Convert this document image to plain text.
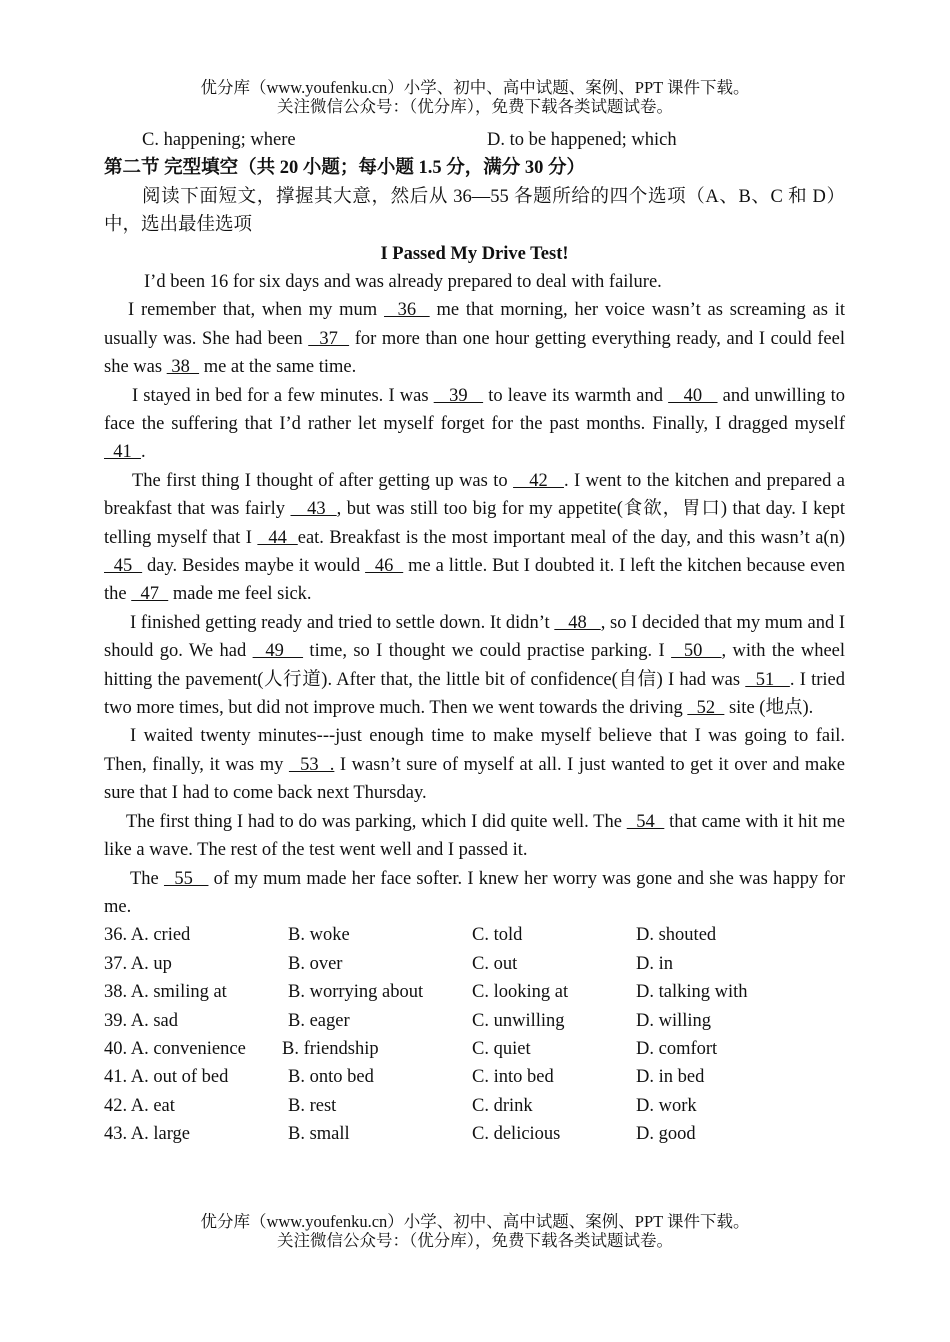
优分库（www.youfenku.cn）小学、初中、高中试题、案例、PPT 课件下载。
关注微信公众号：（优分库），免费下载各类试题试卷。
C. happening; where	D. to be happened; which
第二节 完型填空（共 20 小题；每小题 1.5 分，满分 30 分）
阅读下面短文，撑握其大意，然后从 36—55 各题所给的四个选项（A、B、C 和 D）中，选出最佳选项
I Passed My Drive Test!

I’d been 16 for six days and was already prepared to deal with failure.

I remember that, when my mum   36   me that morning, her voice wasn’t as screaming as it usually was. She had been   37   for more than one hour getting everything ready, and I could feel she was  38   me at the same time.

I stayed in bed for a few minutes. I was    39    to leave its warmth and    40    and unwilling to face the suffering that I’d rather let myself forget for the past months. Finally, I dragged myself   41  .

The first thing I thought of after getting up was to    42   . I went to the kitchen and prepared a breakfast that was fairly    43  , but was still too big for my appetite(食欲，胃口) that day. I kept telling myself that I   44  eat. Breakfast is the most important meal of the day, and this wasn’t a(n)   45   day. Besides maybe it would   46   me a little. But I doubted it. I left the kitchen because even the   47   made me feel sick.

I finished getting ready and tried to settle down. It didn’t    48   , so I decided that my mum and I should go. We had   49    time, so I thought we could practise parking. I   50   , with the wheel hitting the pavement(人行道). After that, the little bit of confidence(自信) I had was   51   . I tried two more times, but did not improve much. Then we went towards the driving   52   site (地点).

I waited twenty minutes---just enough time to make myself believe that I was going to fail. Then, finally, it was my   53  . I wasn’t sure of myself at all. I just wanted to get it over and make sure that I had to come back next Thursday.

The first thing I had to do was parking, which I did quite well. The   54   that came with it hit me like a wave. The rest of the test went well and I passed it.

The   55    of my mum made her face softer. I knew her worry was gone and she was happy for me.

36. A. cried	B. woke	C. told	D. shouted
37. A. up	B. over	C. out	D. in
38. A. smiling at	B. worrying about	C. looking at	D. talking with
39. A. sad	B. eager	C. unwilling	D. willing
40. A. convenience B. friendship	C. quiet	D. comfort
41. A. out of bed	B. onto bed	C. into bed	D. in bed
42. A. eat	B. rest	C. drink	D. work
43. A. large	B. small	C. delicious	D. good
优分库（www.youfenku.cn）小学、初中、高中试题、案例、PPT 课件下载。
关注微信公众号：（优分库），免费下载各类试题试卷。
